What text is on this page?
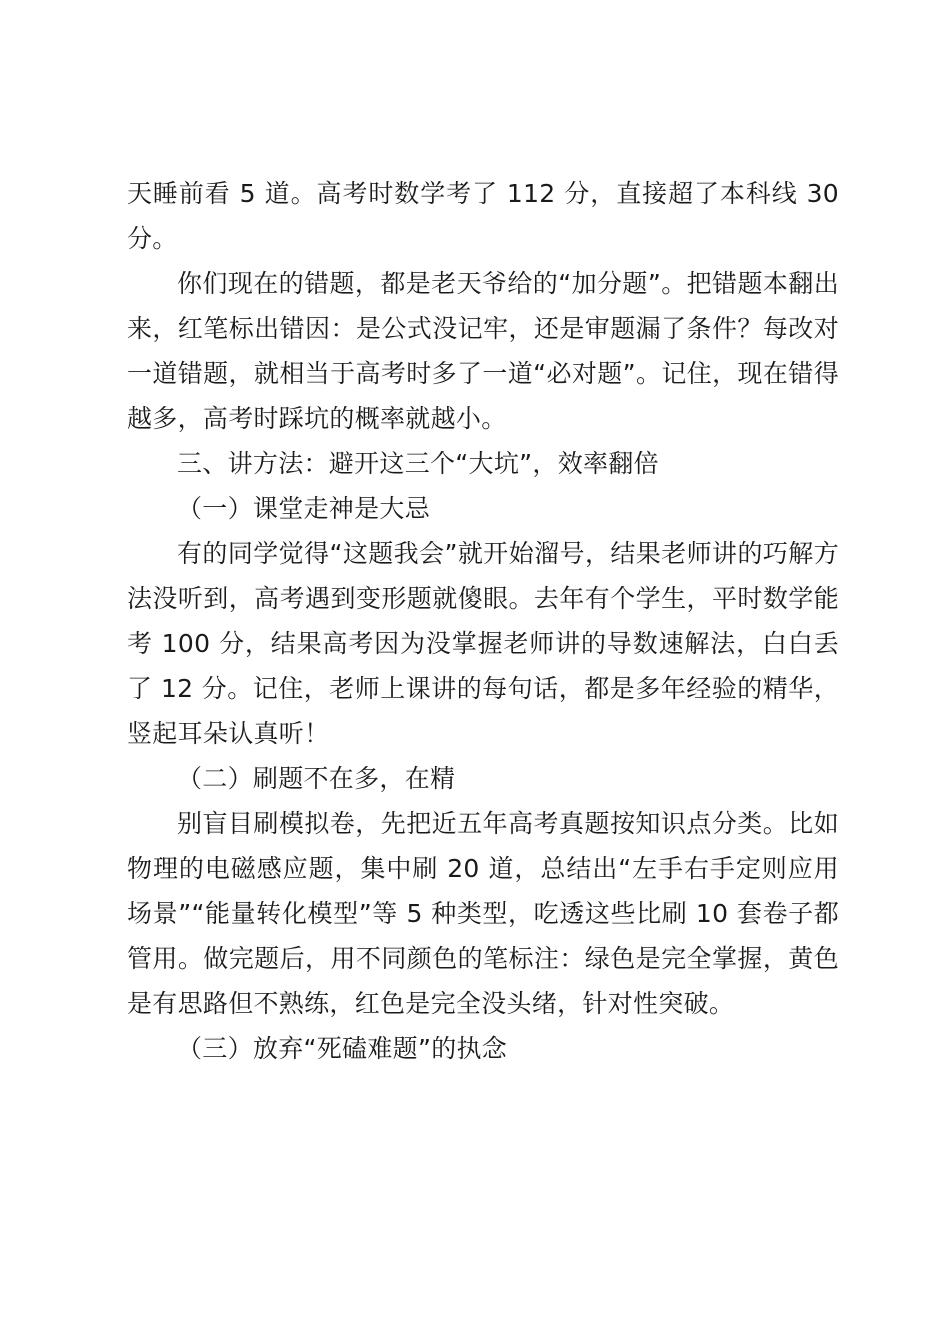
天睡前看 5 道。高考时数学考了 112 分，直接超了本科线 30 分。

你们现在的错题，都是老天爷给的“加分题”。把错题本翻出来，红笔标出错因：是公式没记牢，还是审题漏了条件？每改对一道错题，就相当于高考时多了一道“必对题”。记住，现在错得越多，高考时踩坑的概率就越小。

三、讲方法：避开这三个“大坑”，效率翻倍

（一）课堂走神是大忌

有的同学觉得“这题我会”就开始溜号，结果老师讲的巧解方法没听到，高考遇到变形题就傻眼。去年有个学生，平时数学能考 100 分，结果高考因为没掌握老师讲的导数速解法，白白丢了 12 分。记住，老师上课讲的每句话，都是多年经验的精华，竖起耳朵认真听！

（二）刷题不在多，在精

别盲目刷模拟卷，先把近五年高考真题按知识点分类。比如物理的电磁感应题，集中刷 20 道，总结出“左手右手定则应用场景”“能量转化模型”等 5 种类型，吃透这些比刷 10 套卷子都管用。做完题后，用不同颜色的笔标注：绿色是完全掌握，黄色是有思路但不熟练，红色是完全没头绪，针对性突破。

（三）放弃“死磕难题”的执念
